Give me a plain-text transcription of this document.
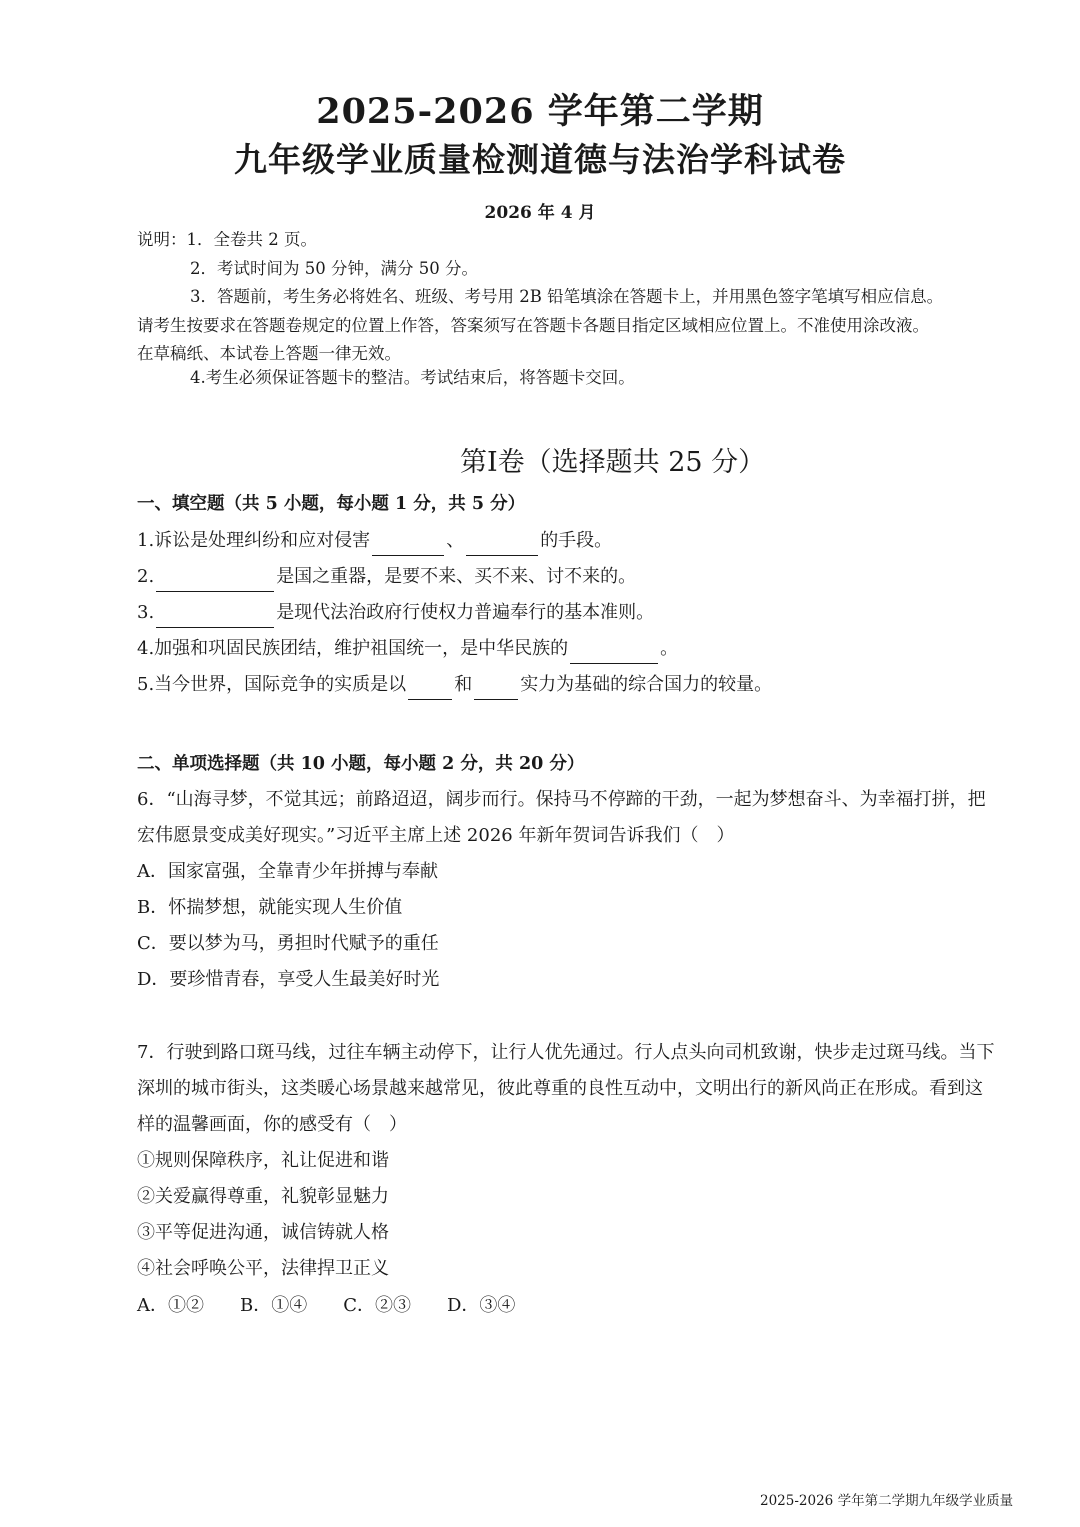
2025-2026 学年第二学期
九年级学业质量检测道德与法治学科试卷
2026 年 4 月
说明：1．全卷共 2 页。
2．考试时间为 50 分钟，满分 50 分。
3．答题前，考生务必将姓名、班级、考号用 2B 铅笔填涂在答题卡上，并用黑色签字笔填写相应信息。
请考生按要求在答题卷规定的位置上作答，答案须写在答题卡各题目指定区域相应位置上。不准使用涂改液。
在草稿纸、本试卷上答题一律无效。
4.考生必须保证答题卡的整洁。考试结束后，将答题卡交回。
第Ⅰ卷（选择题共 25 分）
一、填空题（共 5 小题，每小题 1 分，共 5 分）
1.诉讼是处理纠纷和应对侵害	、	的手段。
2.	是国之重器，是要不来、买不来、讨不来的。
3.	是现代法治政府行使权力普遍奉行的基本准则。
4.加强和巩固民族团结，维护祖国统一，是中华民族的	。
5.当今世界，国际竞争的实质是以	和	实力为基础的综合国力的较量。
二、单项选择题（共 10 小题，每小题 2 分，共 20 分）
6．“山海寻梦，不觉其远；前路迢迢，阔步而行。保持马不停蹄的干劲，一起为梦想奋斗、为幸福打拼，把
宏伟愿景变成美好现实。”习近平主席上述 2026 年新年贺词告诉我们（　）
A．国家富强，全靠青少年拼搏与奉献
B．怀揣梦想，就能实现人生价值
C．要以梦为马，勇担时代赋予的重任
D．要珍惜青春，享受人生最美好时光
7．行驶到路口斑马线，过往车辆主动停下，让行人优先通过。行人点头向司机致谢，快步走过斑马线。当下
深圳的城市街头，这类暖心场景越来越常见，彼此尊重的良性互动中，文明出行的新风尚正在形成。看到这
样的温馨画面，你的感受有（　）
①规则保障秩序，礼让促进和谐
②关爱赢得尊重，礼貌彰显魅力
③平等促进沟通，诚信铸就人格
④社会呼唤公平，法律捍卫正义
A．①②　　B．①④　　C．②③　　D．③④
2025-2026 学年第二学期九年级学业质量
